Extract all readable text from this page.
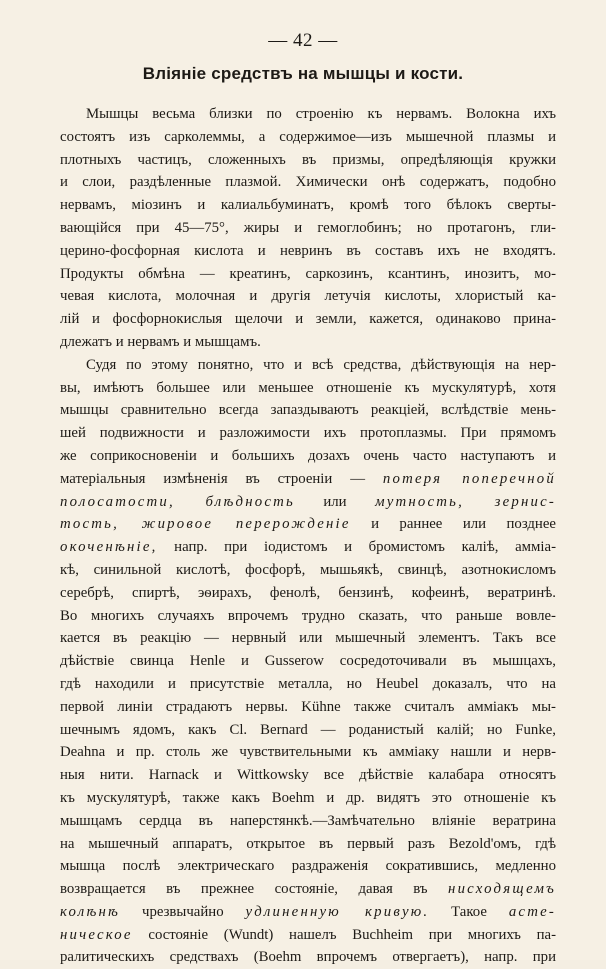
— 42 —
Вліяніе средствъ на мышцы и кости.
Мышцы весьма близки по строенію къ нервамъ. Волокна ихъ
состоятъ изъ сарколеммы, а содержимое—изъ мышечной плазмы и
плотныхъ частицъ, сложенныхъ въ призмы, опредѣляющія кружки
и слои, раздѣленные плазмой. Химически онѣ содержатъ, подобно
нервамъ, міозинъ и калиальбуминатъ, кромѣ того бѣлокъ сверты-
вающійся при 45—75°, жиры и гемоглобинъ; но протагонъ, гли-
церино-фосфорная кислота и невринъ въ составъ ихъ не входятъ.
Продукты обмѣна — креатинъ, саркозинъ, ксантинъ, инозитъ, мо-
чевая кислота, молочная и другія летучія кислоты, хлористый ка-
лій и фосфорнокислыя щелочи и земли, кажется, одинаково прина-
длежатъ и нервамъ и мышцамъ.
Судя по этому понятно, что и всѣ средства, дѣйствующія на нер-
вы, имѣютъ большее или меньшее отношеніе къ мускулятурѣ, хотя
мышцы сравнительно всегда запаздываютъ реакціей, вслѣдствіе мень-
шей подвижности и разложимости ихъ протоплазмы. При прямомъ
же соприкосновеніи и большихъ дозахъ очень часто наступаютъ и
матеріальныя измѣненія въ строеніи — потеря поперечной
полосатости, блѣдность или мутность, зернис-
тость, жировое перерожденіе и раннее или позднее
окоченѣніе, напр. при іодистомъ и бромистомъ каліѣ, амміа-
кѣ, синильной кислотѣ, фосфорѣ, мышьякѣ, свинцѣ, азотнокисломъ
серебрѣ, спиртѣ, эѳирахъ, фенолѣ, бензинѣ, кофеинѣ, вератринѣ.
Во многихъ случаяхъ впрочемъ трудно сказать, что раньше вовле-
кается въ реакцію — нервный или мышечный элементъ. Такъ все
дѣйствіе свинца Henle и Gusserow сосредоточивали въ мышцахъ,
гдѣ находили и присутствіе металла, но Heubel доказалъ, что на
первой линіи страдаютъ нервы. Kühne также считалъ амміакъ мы-
шечнымъ ядомъ, какъ Cl. Bernard — роданистый калій; но Funke,
Deahna и пр. столь же чувствительными къ амміаку нашли и нерв-
ныя нити. Harnack и Wittkowsky все дѣйствіе калабара относятъ
къ мускулятурѣ, также какъ Boehm и др. видятъ это отношеніе къ
мышцамъ сердца въ наперстянкѣ.—Замѣчательно вліяніе вератрина
на мышечный аппаратъ, открытое въ первый разъ Bezold'омъ, гдѣ
мышца послѣ электрическаго раздраженія сократившись, медленно
возвращается въ прежнее состояніе, давая въ нисходящемъ
колѣнѣ чрезвычайно удлиненную кривую. Такое асте-
ническое состояніе (Wundt) нашелъ Buchheim при многихъ па-
ралитическихъ средствахъ (Boehm впрочемъ отвергаетъ), напр. при
